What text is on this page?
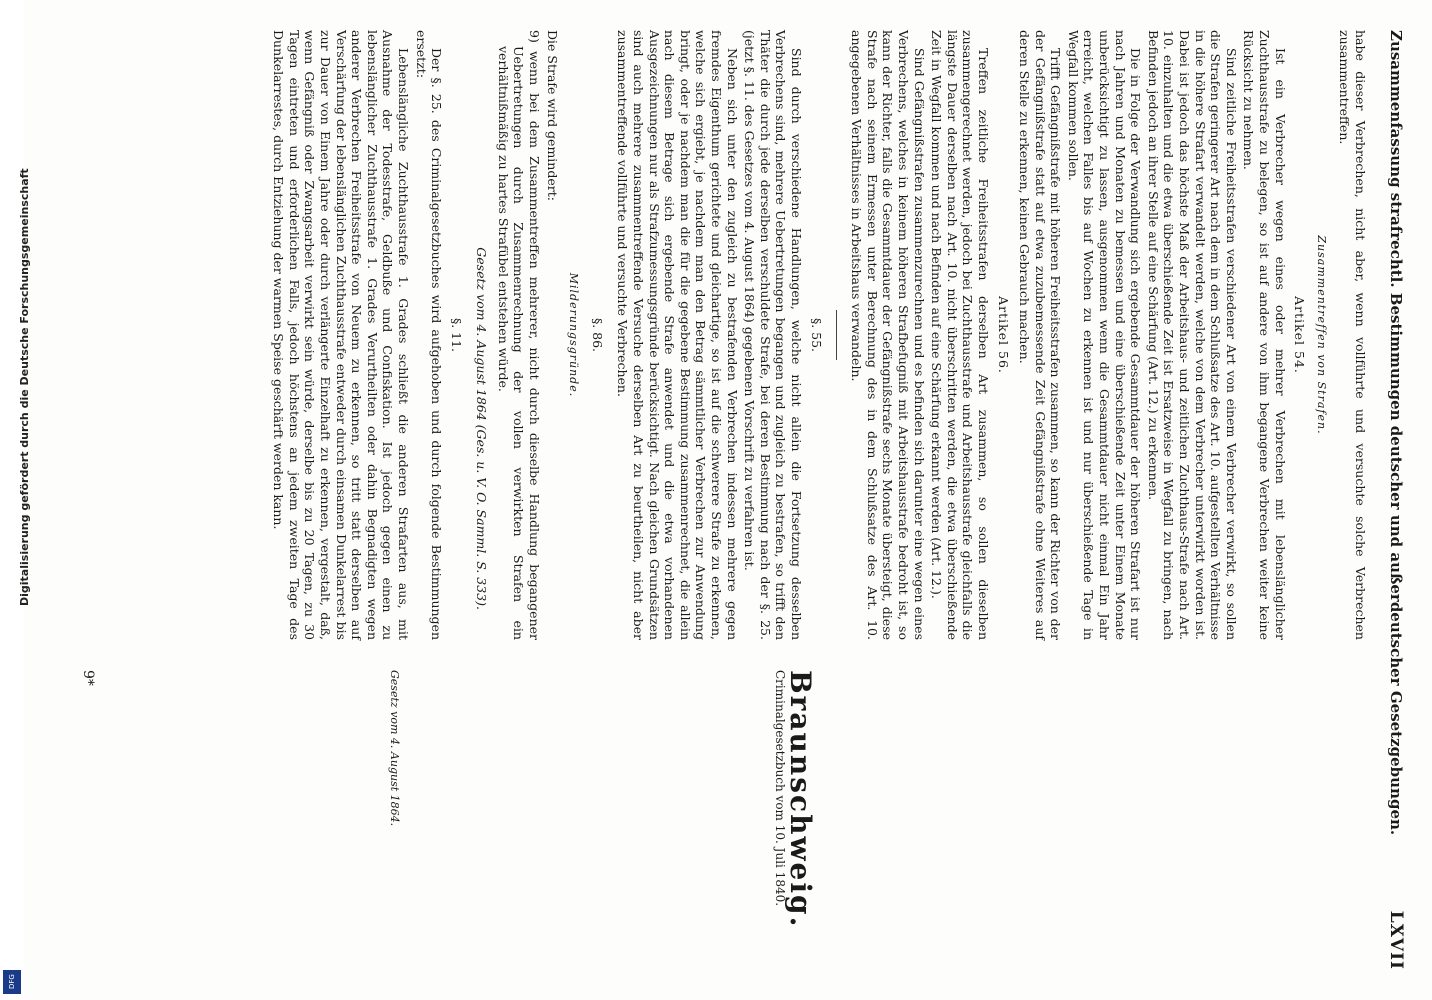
Zusammenfassung strafrechtl. Bestimmungen deutscher und außerdeutscher Gesetzgebungen.
LXVII

habe dieser Verbrechen, nicht aber, wenn vollführte und versuchte solche Verbrechen zusammentreffen.

Zusammentreffen von Strafen.
Artikel 54.

Ist ein Verbrecher wegen eines oder mehrer Verbrechen mit lebenslänglicher Zuchthausstrafe zu belegen, so ist auf andere von ihm begangene Verbrechen weiter keine Rücksicht zu nehmen.

Sind zeitliche Freiheitsstrafen verschiedener Art von einem Verbrecher verwirkt, so sollen die Strafen geringerer Art nach dem in dem Schlußsatze des Art. 10. aufgestellten Verhältnisse in die höhere Strafart verwandelt werden, welche von dem Verbrecher unterwirkt worden ist. Dabei ist jedoch das höchste Maß der Arbeitshaus- und zeitlichen Zuchthaus-Strafe nach Art. 10. einzuhalten und die etwa überschießende Zeit ist Ersatzweise in Wegfall zu bringen, nach Befinden jedoch an ihrer Stelle auf eine Schärfung (Art. 12.) zu erkennen.

Die in Folge der Verwandlung sich ergebende Gesammtdauer der höheren Strafart ist nur nach Jahren und Monaten zu bemessen und eine überschießende Zeit unter Einem Monate unberücksichtigt zu lassen, ausgenommen wenn die Gesammtdauer nicht einmal Ein Jahr erreicht, welchen Falles bis auf Wochen zu erkennen ist und nur überschießende Tage in Wegfall kommen sollen.

Trifft Gefängnißstrafe mit höheren Freiheitsstrafen zusammen, so kann der Richter von der der Gefängnißstrafe statt auf etwa zuzubemessende Zeit Gefängnißstrafe ohne Weiteres auf deren Stelle zu erkennen, keinen Gebrauch machen.

Artikel 56.

Treffen zeitliche Freiheitsstrafen derselben Art zusammen, so sollen dieselben zusammengerechnet werden, jedoch bei Zuchthausstrafe und Arbeitshausstrafe gleichfalls die längste Dauer derselben nach Art. 10. nicht überschritten werden, die etwa überschießende Zeit in Wegfall kommen und nach Befinden auf eine Schärfung erkannt werden (Art. 12.).

Sind Gefängnißstrafen zusammenzurechnen und es befinden sich darunter eine wegen eines Verbrechens, welches in keinem höheren Strafbefugniß mit Arbeitshausstrafe bedroht ist, so kann der Richter, falls die Gesammtdauer der Gefängnißstrafe sechs Monate übersteigt, diese Strafe nach seinem Ermessen unter Berechnung des in dem Schlußsatze des Art. 10. angegebenen Verhältnisses in Arbeitshaus verwandeln.

§. 55.

Sind durch verschiedene Handlungen, welche nicht allein die Fortsetzung desselben Verbrechens sind, mehrere Uebertretungen begangen und zugleich zu bestrafen, so trifft den Thäter die durch jede derselben verschuldete Strafe, bei deren Bestimmung nach der §. 25. (jetzt §. 11. des Gesetzes vom 4. August 1864) gegebenen Vorschrift zu verfahren ist.

Neben sich unter den zugleich zu bestrafenden Verbrechen indessen mehrere gegen fremdes Eigenthum gerichtete und gleichartige, so ist auf die schwerere Strafe zu erkennen, welche sich ergiebt, je nachdem man den Betrag sämmtlicher Verbrechen zur Anwendung bringt, oder je nachdem man die für die gegebene Bestimmung zusammenrechnet, die allein nach diesem Betrage sich ergebende Strafe anwendet und die etwa vorhandenen Ausgezeichnungen nur als Strafzumessungsgründe berücksichtigt. Nach gleichen Grundsätzen sind auch mehrere zusammentreffende Versuche derselben Art zu beurtheilen, nicht aber zusammentreffende vollführte und versuchte Verbrechen.

§. 86.
Milderungsgründe.

Die Strafe wird gemindert:

9) wenn bei dem Zusammentreffen mehrerer, nicht durch dieselbe Handlung begangener Uebertretungen durch Zusammenrechnung der vollen verwirkten Strafen ein verhältnißmäßig zu hartes Strafübel entstehen würde.
Gesetz vom 4. August 1864 (Ges. u. V. O. Samml. S. 333).
§. 11.

Der §. 25. des Criminalgesetzbuches wird aufgehoben und durch folgende Bestimmungen ersetzt:

Lebenslängliche Zuchthausstrafe 1. Grades schließt die anderen Strafarten aus, mit Ausnahme der Todesstrafe, Geldbuße und Confiskation. Ist jedoch gegen einen zu lebenslänglicher Zuchthausstrafe 1. Grades Verurtheilten oder dahin Begnadigten wegen anderer Verbrechen Freiheitsstrafe von Neuem zu erkennen, so tritt statt derselben auf Verschärfung der lebenslänglichen Zuchthausstrafe entweder durch einsamen Dunkelarrest bis zur Dauer von Einem Jahre oder durch verlängerte Einzelhaft zu erkennen, vergestalt, daß, wenn Gefängniß oder Zwangsarbeit verwirkt sein würde, derselbe bis zu 20 Tagen, zu 30 Tagen eintreten und erforderlichen Falls, jedoch höchstens an jedem zweiten Tage des Dunkelarrestes, durch Entziehung der warmen Speise geschärft werden kann.

Braunschweig.
Criminalgesetzbuch vom 10. Juli 1840.
Gesetz vom 4. August 1864.
9*
Digitalisierung gefördert durch die Deutsche Forschungsgemeinschaft
DFG
